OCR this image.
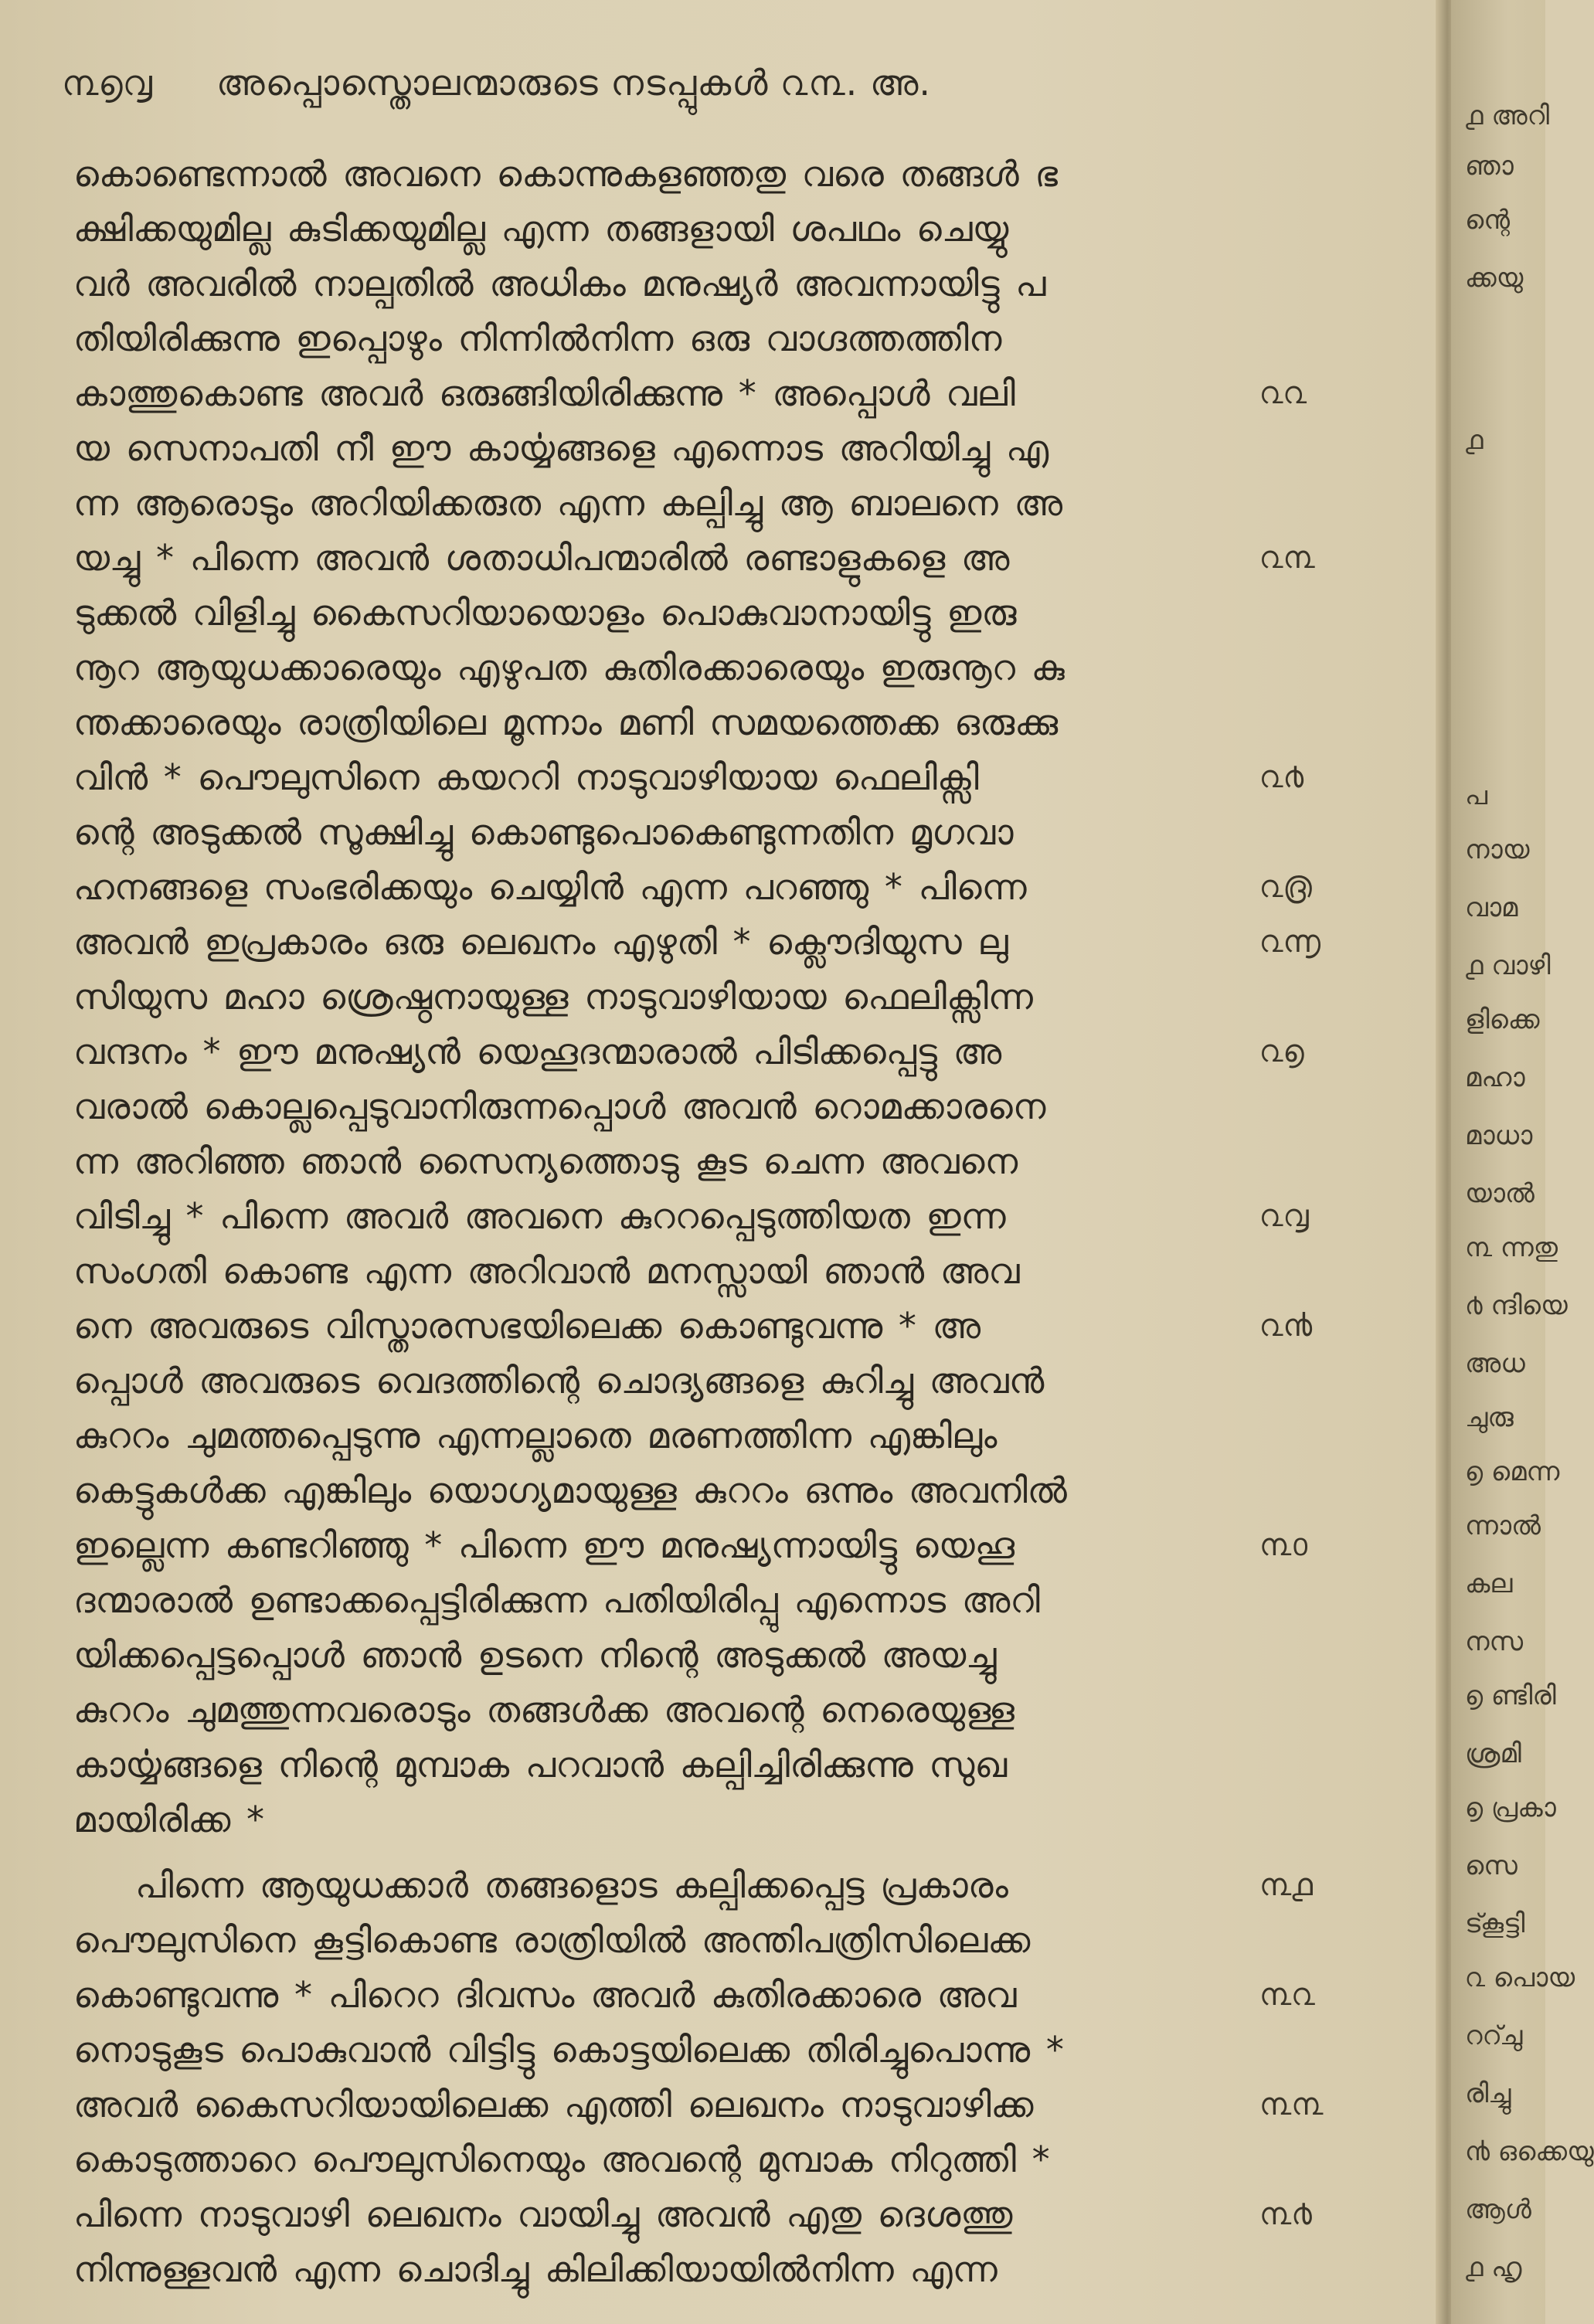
൩൭൮ അപ്പൊസ്തൊലന്മാരുടെ നടപ്പുകൾ ൨൩. അ.
കൊണ്ടെന്നാൽ അവനെ കൊന്നുകളഞ്ഞതു വരെ തങ്ങൾ ഭ
ക്ഷിക്കയുമില്ല കുടിക്കയുമില്ല എന്ന തങ്ങളായി ശപഥം ചെയ്യു
വർ അവരിൽ നാല്പതിൽ അധികം മനുഷ്യർ അവന്നായിട്ടു പ
തിയിരിക്കുന്നു ഇപ്പൊഴും നിന്നിൽനിന്ന ഒരു വാഗ്ദത്തത്തിന
കാത്തുകൊണ്ട അവർ ഒരുങ്ങിയിരിക്കുന്നു * അപ്പൊൾ വലി
യ സെനാപതി നീ ഈ കാൎയ്യങ്ങളെ എന്നൊട അറിയിച്ചു എ
ന്ന ആരൊടും അറിയിക്കരുത എന്ന കല്പിച്ചു ആ ബാലനെ അ
യച്ചു * പിന്നെ അവൻ ശതാധിപന്മാരിൽ രണ്ടാളുകളെ അ
ടുക്കൽ വിളിച്ചു കൈസറിയായൊളം പൊകുവാനായിട്ടു ഇരു
നൂറ ആയുധക്കാരെയും എഴുപത കുതിരക്കാരെയും ഇരുനൂറ കു
ന്തക്കാരെയും രാത്രിയിലെ മൂന്നാം മണി സമയത്തെക്ക ഒരുക്കു
വിൻ * പൌലുസിനെ കയററി നാടുവാഴിയായ ഫെലിക്സി
ന്റെ അടുക്കൽ സൂക്ഷിച്ചു കൊണ്ടുപൊകെണ്ടുന്നതിന മൃഗവാ
ഹനങ്ങളെ സംഭരിക്കയും ചെയ്യിൻ എന്ന പറഞ്ഞു * പിന്നെ
അവൻ ഇപ്രകാരം ഒരു ലെഖനം എഴുതി * ക്ലൌദിയുസ ലു
സിയുസ മഹാ ശ്രെഷ്ഠനായുള്ള നാടുവാഴിയായ ഫെലിക്സിന്ന
വന്ദനം * ഈ മനുഷ്യൻ യെഹൂദന്മാരാൽ പിടിക്കപ്പെട്ടു അ
വരാൽ കൊല്ലപ്പെടുവാനിരുന്നപ്പൊൾ അവൻ റൊമക്കാരനെ
ന്ന അറിഞ്ഞ ഞാൻ സൈന്യത്തൊടു കൂട ചെന്ന അവനെ
വിടിച്ചു * പിന്നെ അവർ അവനെ കുററപ്പെടുത്തിയത ഇന്ന
സംഗതി കൊണ്ട എന്ന അറിവാൻ മനസ്സായി ഞാൻ അവ
നെ അവരുടെ വിസ്താരസഭയിലെക്ക കൊണ്ടുവന്നു * അ
പ്പൊൾ അവരുടെ വെദത്തിന്റെ ചൊദ്യങ്ങളെ കുറിച്ചു അവൻ
കുററം ചുമത്തപ്പെടുന്നു എന്നല്ലാതെ മരണത്തിന്ന എങ്കിലും
കെട്ടുകൾക്ക എങ്കിലും യൊഗ്യമായുള്ള കുററം ഒന്നും അവനിൽ
ഇല്ലെന്ന കണ്ടറിഞ്ഞു * പിന്നെ ഈ മനുഷ്യന്നായിട്ടു യെഹൂ
ദന്മാരാൽ ഉണ്ടാക്കപ്പെട്ടിരിക്കുന്ന പതിയിരിപ്പു എന്നൊട അറി
യിക്കപ്പെട്ടപ്പൊൾ ഞാൻ ഉടനെ നിന്റെ അടുക്കൽ അയച്ചു
കുററം ചുമത്തുന്നവരൊടും തങ്ങൾക്ക അവന്റെ നെരെയുള്ള
കാൎയ്യങ്ങളെ നിന്റെ മുമ്പാക പറവാൻ കല്പിച്ചിരിക്കുന്നു സുഖ
മായിരിക്ക *
പിന്നെ ആയുധക്കാർ തങ്ങളൊട കല്പിക്കപ്പെട്ട പ്രകാരം
പൌലുസിനെ കൂട്ടികൊണ്ട രാത്രിയിൽ അന്തിപത്രിസിലെക്ക
കൊണ്ടുവന്നു * പിറെറ ദിവസം അവർ കുതിരക്കാരെ അവ
നൊടുകൂട പൊകുവാൻ വിട്ടിട്ടു കൊട്ടയിലെക്ക തിരിച്ചുപൊന്നു *
അവർ കൈസറിയായിലെക്ക എത്തി ലെഖനം നാടുവാഴിക്ക
കൊടുത്താറെ പൌലുസിനെയും അവന്റെ മുമ്പാക നിറുത്തി *
പിന്നെ നാടുവാഴി ലെഖനം വായിച്ചു അവൻ എതു ദെശത്തു
നിന്നുള്ളവൻ എന്ന ചൊദിച്ചു കിലിക്കിയായിൽനിന്ന എന്ന
൨൨
൨൩
൨൪
൨൫
൨൬
൨൭
൨൮
൨൯
൩൦
൩൧
൩൨
൩൩
൩൪
൧ അറി
ഞാ
ന്റെ
ക്കയു
൧
പ
നായ
വാമ
൧ വാഴി
ളിക്കെ
മഹാ
മാധാ
യാൽ
൩ ന്നതു
൪ ന്ദിയെ
അധ
ചുരു
൭ മെന്ന
ന്നാൽ
കല
നസ
൭ ണ്ടിരി
ശ്രമി
൭ പ്രകാ
സെ
ട്കൂട്ടി
൨ പൊയ
ററ്ചു
രിച്ചു
൯ ഒക്കെയു
ആൾ
൧ ഹൃ
